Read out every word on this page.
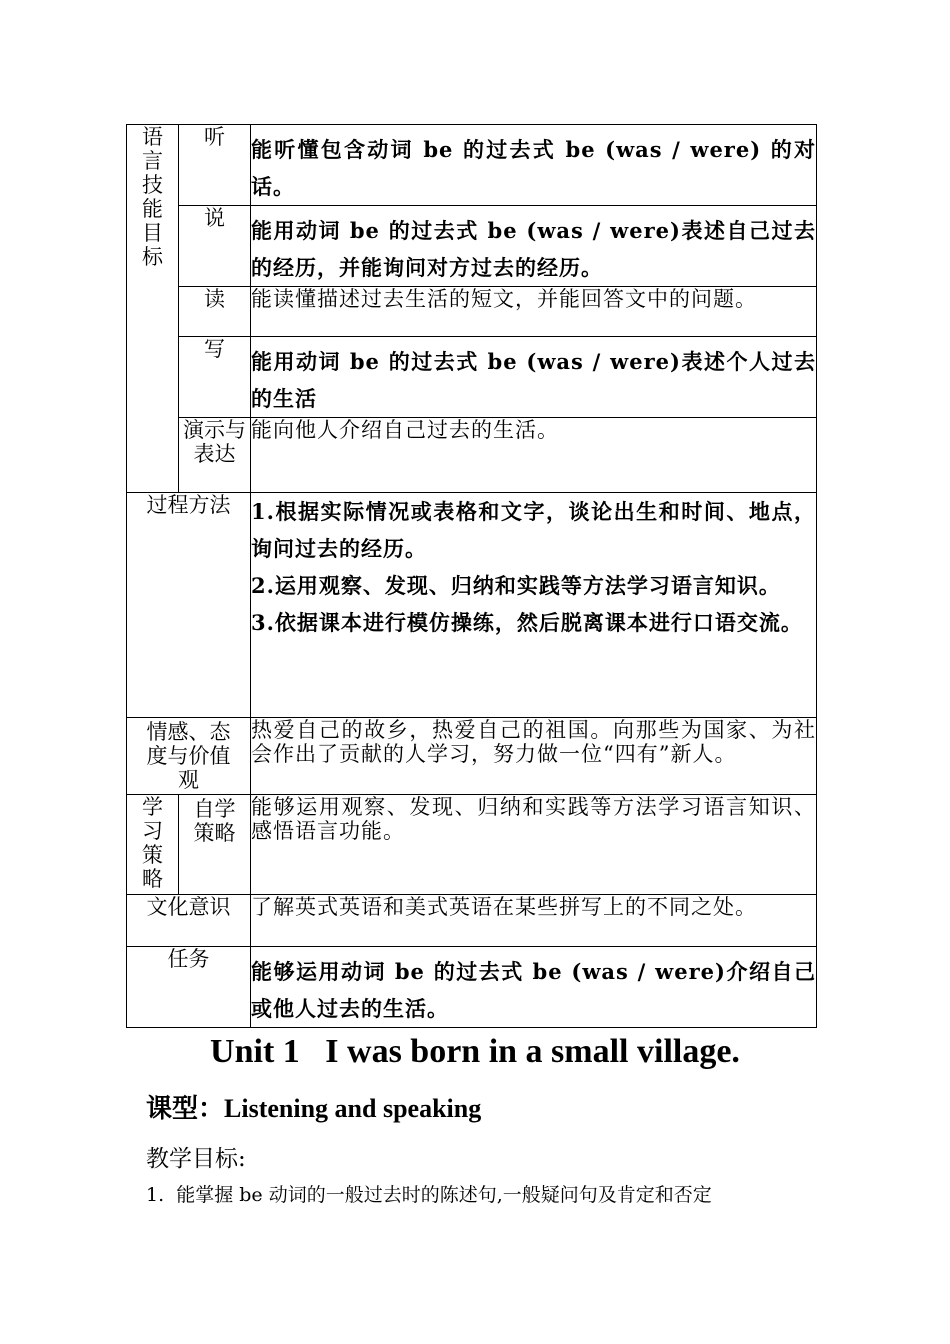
语言技能目标	听	能听懂包含动词 be 的过去式 be (was / were) 的对话。
	说	能用动词 be 的过去式 be (was / were)表述自己过去的经历，并能询问对方过去的经历。
	读	能读懂描述过去生活的短文，并能回答文中的问题。
	写	能用动词 be 的过去式 be (was / were)表述个人过去的生活
	演示与表达	能向他人介绍自己过去的生活。
过程方法		1.根据实际情况或表格和文字，谈论出生和时间、地点，询问过去的经历。

2.运用观察、发现、归纳和实践等方法学习语言知识。

3.依据课本进行模仿操练，然后脱离课本进行口语交流。

情感、态度与价值观		热爱自己的故乡，热爱自己的祖国。向那些为国家、为社会作出了贡献的人学习，努力做一位“四有”新人。

学习策略	自学策略	能够运用观察、发现、归纳和实践等方法学习语言知识、感悟语言功能。
文化意识		了解英式英语和美式英语在某些拼写上的不同之处。
任务		能够运用动词 be 的过去式 be (was / were)介绍自己或他人过去的生活。
Unit 1   I was born in a small village.
课型：Listening and speaking
教学目标:
1.  能掌握 be 动词的一般过去时的陈述句,一般疑问句及肯定和否定
